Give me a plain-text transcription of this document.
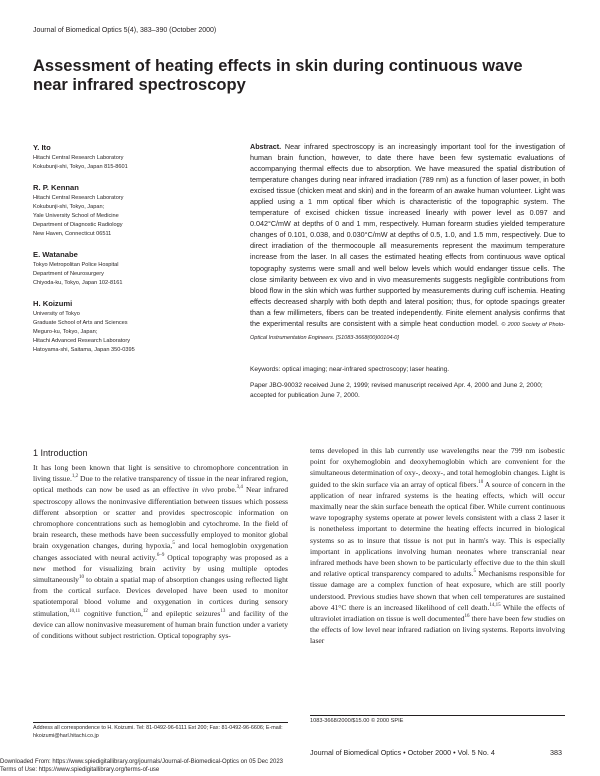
Journal of Biomedical Optics 5(4), 383–390 (October 2000)
Assessment of heating effects in skin during continuous wave near infrared spectroscopy
Y. Ito
Hitachi Central Research Laboratory
Kokubunji-shi, Tokyo, Japan 815-8601
R. P. Kennan
Hitachi Central Research Laboratory
Kokubunji-shi, Tokyo, Japan;
Yale University School of Medicine
Department of Diagnostic Radiology
New Haven, Connecticut 06511
E. Watanabe
Tokyo Metropolitan Police Hospital
Department of Neurosurgery
Chiyoda-ku, Tokyo, Japan 102-8161
H. Koizumi
University of Tokyo
Graduate School of Arts and Sciences
Meguro-ku, Tokyo, Japan;
Hitachi Advanced Research Laboratory
Hatoyama-shi, Saitama, Japan 350-0395
Abstract. Near infrared spectroscopy is an increasingly important tool for the investigation of human brain function, however, to date there have been few systematic evaluations of accompanying thermal effects due to absorption. We have measured the spatial distribution of temperature changes during near infrared irradiation (789 nm) as a function of laser power, in both excised tissue (chicken meat and skin) and in the forearm of an awake human volunteer. Light was applied using a 1 mm optical fiber which is characteristic of the topographic system. The temperature of excised chicken tissue increased linearly with power level as 0.097 and 0.042°C/mW at depths of 0 and 1 mm, respectively. Human forearm studies yielded temperature changes of 0.101, 0.038, and 0.030°C/mW at depths of 0.5, 1.0, and 1.5 mm, respectively. Due to direct irradiation of the thermocouple all measurements represent the maximum temperature increase from the laser. In all cases the estimated heating effects from continuous wave optical topography systems were small and well below levels which would endanger tissue cells. The close similarity between ex vivo and in vivo measurements suggests negligible contributions from blood flow in the skin which was further supported by measurements during cuff ischemia. Heating effects decreased sharply with both depth and lateral position; thus, for optode spacings greater than a few millimeters, fibers can be treated independently. Finite element analysis confirms that the experimental results are consistent with a simple heat conduction model. © 2000 Society of Photo-Optical Instrumentation Engineers. [S1083-3668(00)00104-0]
Keywords: optical imaging; near-infrared spectroscopy; laser heating.
Paper JBO-90032 received June 2, 1999; revised manuscript received Apr. 4, 2000 and June 2, 2000; accepted for publication June 7, 2000.
1 Introduction
It has long been known that light is sensitive to chromophore concentration in living tissue.$^{1,2}$ Due to the relative transparency of tissue in the near infrared region, optical methods can now be used as an effective in vivo probe.$^{3,4}$ Near infrared spectroscopy allows the noninvasive differentiation between tissues which possess different absorption or scatter and provides spectroscopic information on chromophore concentrations such as hemoglobin and cytochrome. In the field of brain research, these methods have been successfully employed to monitor global brain oxygenation changes, during hypoxia,$^5$ and local hemoglobin oxygenation changes associated with neural activity.$^{6-9}$ Optical topography was proposed as a new method for visualizing brain activity by using multiple optodes simultaneously$^{10}$ to obtain a spatial map of absorption changes using reflected light from the cortical surface. Devices developed have been used to monitor spatiotemporal blood volume and oxygenation in cortices during sensory stimulation,$^{10,11}$ cognitive function,$^{12}$ and epileptic seizures$^{13}$ and facility of the device can allow noninvasive measurement of human brain function under a variety of conditions without subject restriction. Optical topography sys-
tems developed in this lab currently use wavelengths near the 799 nm isobestic point for oxyhemoglobin and deoxyhemoglobin which are convenient for the simultaneous determination of oxy-, deoxy-, and total hemoglobin changes. Light is guided to the skin surface via an array of optical fibers.$^{10}$ A source of concern in the application of near infrared systems is the heating effects, which will occur maximally near the skin surface beneath the optical fiber. While current continuous wave topography systems operate at power levels consistent with a class 2 laser it is nonetheless important to determine the heating effects incurred in biological systems so as to insure that tissue is not put in harm's way. This is especially important in applications involving human neonates where transcranial near infrared methods have been shown to be particularly effective due to the thin skull and relative optical transparency compared to adults.$^5$ Mechanisms responsible for tissue damage are a complex function of heat exposure, which are still poorly understood. Previous studies have shown that when cell temperatures are sustained above 41°C there is an increased likelihood of cell death.$^{14,15}$ While the effects of ultraviolet irradiation on tissue is well documented$^{16}$ there have been few studies on the effects of low level near infrared radiation on living systems. Reports involving laser
Address all correspondence to H. Koizumi. Tel: 81-0492-96-6111 Ext 200; Fax: 81-0492-96-6606; E-mail: hkoizumi@harl.hitachi.co.jp
1083-3668/2000/$15.00 © 2000 SPIE
Journal of Biomedical Optics • October 2000 • Vol. 5 No. 4	383
Downloaded From: https://www.spiedigitallibrary.org/journals/Journal-of-Biomedical-Optics on 05 Dec 2023
Terms of Use: https://www.spiedigitallibrary.org/terms-of-use
